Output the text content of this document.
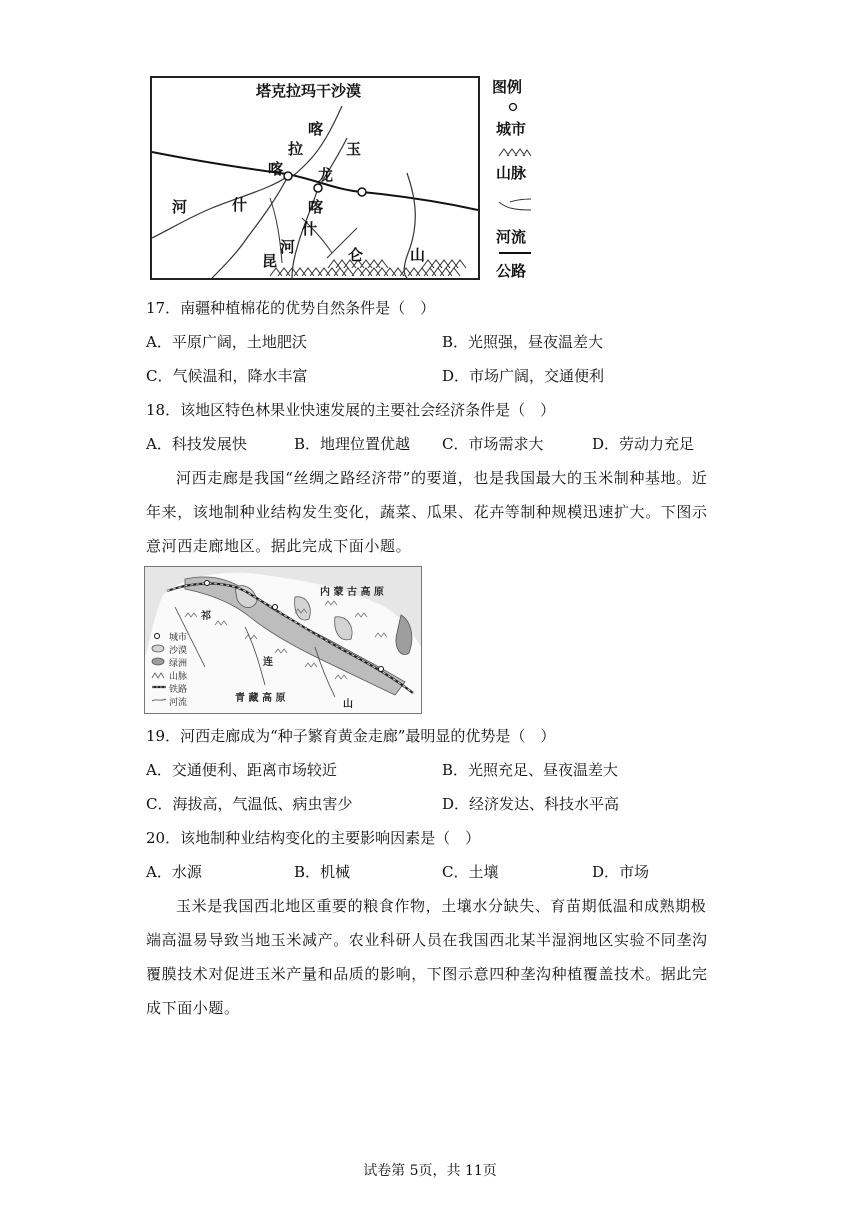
塔克拉玛干沙漠
喀
拉	玉
喀 龙
河	什	喀
什
河
昆	仑	山
图例
城市
山脉
河流
公路
17．南疆种植棉花的优势自然条件是（　）
A．平原广阔，土地肥沃	B．光照强，昼夜温差大
C．气候温和，降水丰富	D．市场广阔，交通便利
18．该地区特色林果业快速发展的主要社会经济条件是（　）
A．科技发展快	B．地理位置优越 C．市场需求大	D．劳动力充足
河西走廊是我国“丝绸之路经济带”的要道，也是我国最大的玉米制种基地。近年来，该地制种业结构发生变化，蔬菜、瓜果、花卉等制种规模迅速扩大。下图示意河西走廊地区。据此完成下面小题。
内 蒙 古 高 原
祁
连
青 藏 高 原
山
城市
沙漠
绿洲
山脉
铁路
河流
19．河西走廊成为“种子繁育黄金走廊”最明显的优势是（　）
A．交通便利、距离市场较近	B．光照充足、昼夜温差大
C．海拔高，气温低、病虫害少	D．经济发达、科技水平高
20．该地制种业结构变化的主要影响因素是（　）
A．水源	B．机械	C．土壤	D．市场
玉米是我国西北地区重要的粮食作物，土壤水分缺失、育苗期低温和成熟期极端高温易导致当地玉米减产。农业科研人员在我国西北某半湿润地区实验不同垄沟覆膜技术对促进玉米产量和品质的影响，下图示意四种垄沟种植覆盖技术。据此完成下面小题。
试卷第 5页，共 11页
